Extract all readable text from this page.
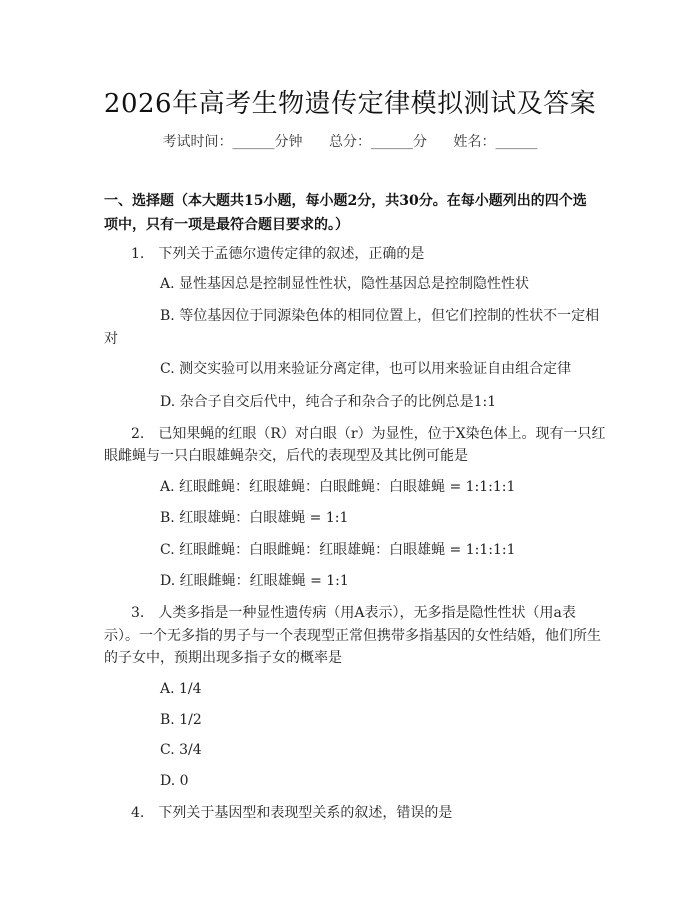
2026年高考生物遗传定律模拟测试及答案
考试时间：______分钟 总分：______分 姓名：______
一、选择题（本大题共15小题，每小题2分，共30分。在每小题列出的四个选项中，只有一项是最符合题目要求的。）
1.　下列关于孟德尔遗传定律的叙述，正确的是
A. 显性基因总是控制显性性状，隐性基因总是控制隐性性状
B. 等位基因位于同源染色体的相同位置上，但它们控制的性状不一定相
对
C. 测交实验可以用来验证分离定律，也可以用来验证自由组合定律
D. 杂合子自交后代中，纯合子和杂合子的比例总是1:1
2.　已知果蝇的红眼（R）对白眼（r）为显性，位于X染色体上。现有一只红
眼雌蝇与一只白眼雄蝇杂交，后代的表现型及其比例可能是
A. 红眼雌蝇：红眼雄蝇：白眼雌蝇：白眼雄蝇 = 1:1:1:1
B. 红眼雄蝇：白眼雄蝇 = 1:1
C. 红眼雌蝇：白眼雌蝇：红眼雄蝇：白眼雄蝇 = 1:1:1:1
D. 红眼雌蝇：红眼雄蝇 = 1:1
3.　人类多指是一种显性遗传病（用A表示），无多指是隐性性状（用a表
示）。一个无多指的男子与一个表现型正常但携带多指基因的女性结婚，他们所生
的子女中，预期出现多指子女的概率是
A. 1/4
B. 1/2
C. 3/4
D. 0
4.　下列关于基因型和表现型关系的叙述，错误的是
